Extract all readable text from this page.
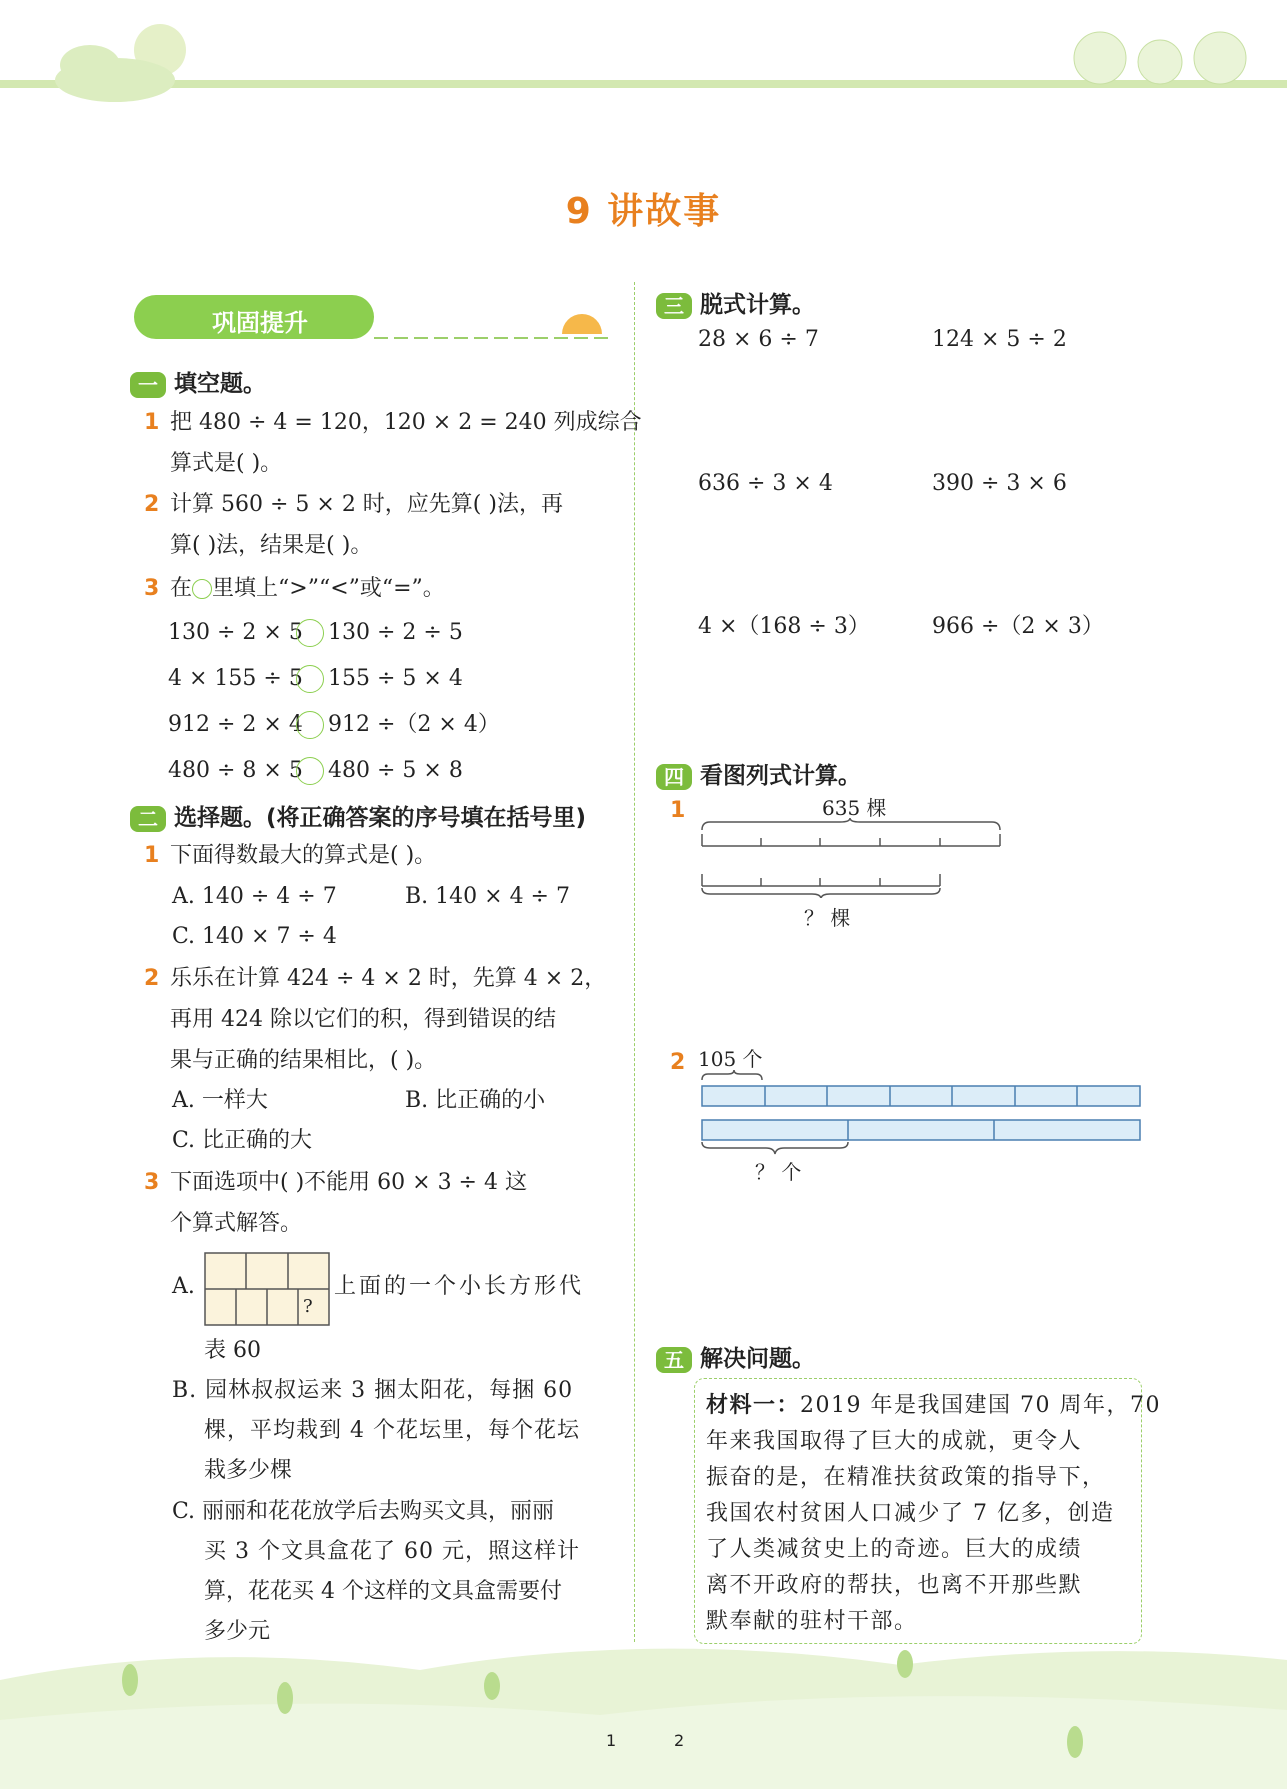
9 讲故事
巩固提升
一 填空题。
1 把 480 ÷ 4 = 120，120 × 2 = 240 列成综合
算式是( )。
2 计算 560 ÷ 5 × 2 时，应先算( )法，再
算( )法，结果是( )。
3 在 里填上“>”“<”或“=”。
130 ÷ 2 × 5 130 ÷ 2 ÷ 5
4 × 155 ÷ 5 155 ÷ 5 × 4
912 ÷ 2 × 4 912 ÷（2 × 4）
480 ÷ 8 × 5 480 ÷ 5 × 8
二 选择题。(将正确答案的序号填在括号里)
1 下面得数最大的算式是( )。
A. 140 ÷ 4 ÷ 7	B. 140 × 4 ÷ 7
C. 140 × 7 ÷ 4
2 乐乐在计算 424 ÷ 4 × 2 时，先算 4 × 2，
再用 424 除以它们的积，得到错误的结
果与正确的结果相比，( )。
A. 一样大	B. 比正确的小
C. 比正确的大
3 下面选项中( )不能用 60 × 3 ÷ 4 这
个算式解答。
A.
?
上面的一个小长方形代
表 60
B. 园林叔叔运来 3 捆太阳花，每捆 60
棵，平均栽到 4 个花坛里，每个花坛
栽多少棵
C. 丽丽和花花放学后去购买文具，丽丽
买 3 个文具盒花了 60 元，照这样计
算，花花买 4 个这样的文具盒需要付
多少元
三 脱式计算。
28 × 6 ÷ 7	124 × 5 ÷ 2
636 ÷ 3 × 4	390 ÷ 3 × 6
4 ×（168 ÷ 3）	966 ÷（2 × 3）
四 看图列式计算。
1	635 棵
？ 棵
2 105 个
？ 个
五 解决问题。
材料一：2019 年是我国建国 70 周年，70
年来我国取得了巨大的成就，更令人
振奋的是，在精准扶贫政策的指导下，
我国农村贫困人口减少了 7 亿多，创造
了人类减贫史上的奇迹。巨大的成绩
离不开政府的帮扶，也离不开那些默
默奉献的驻村干部。
1	2
